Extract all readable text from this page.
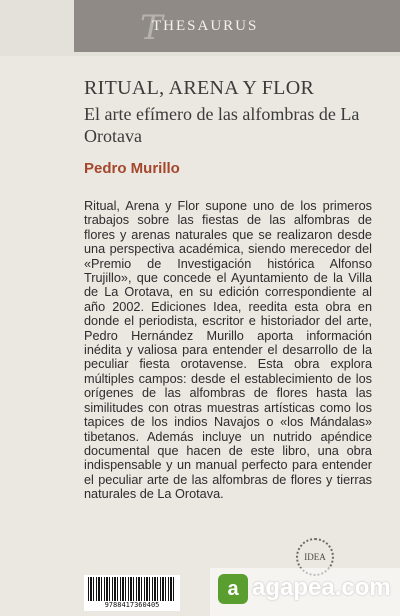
T
THESAURUS
RITUAL, ARENA Y FLOR

El arte efímero de las alfombras de La Orotava

Pedro Murillo

Ritual, Arena y Flor supone uno de los primeros trabajos sobre las fiestas de las alfombras de flores y arenas naturales que se realizaron desde una perspectiva académica, siendo merecedor del «Premio de Investigación histórica Alfonso Trujillo», que concede el Ayuntamiento de la Villa de La Orotava, en su edición correspondiente al año 2002. Ediciones Idea, reedita esta obra en donde el periodista, escritor e historiador del arte, Pedro Hernández Murillo aporta información inédita y valiosa para entender el desarrollo de la peculiar fiesta orotavense. Esta obra explora múltiples campos: desde el establecimiento de los orígenes de las alfombras de flores hasta las similitudes con otras muestras artísticas como los tapices de los indios Navajos o «los Mándalas» tibetanos. Además incluye un nutrido apéndice documental que hacen de este libro, una obra indispensable y un manual perfecto para entender el peculiar arte de las alfombras de flores y tierras naturales de La Orotava.

9788417360405
IDEA
a agapea.com
